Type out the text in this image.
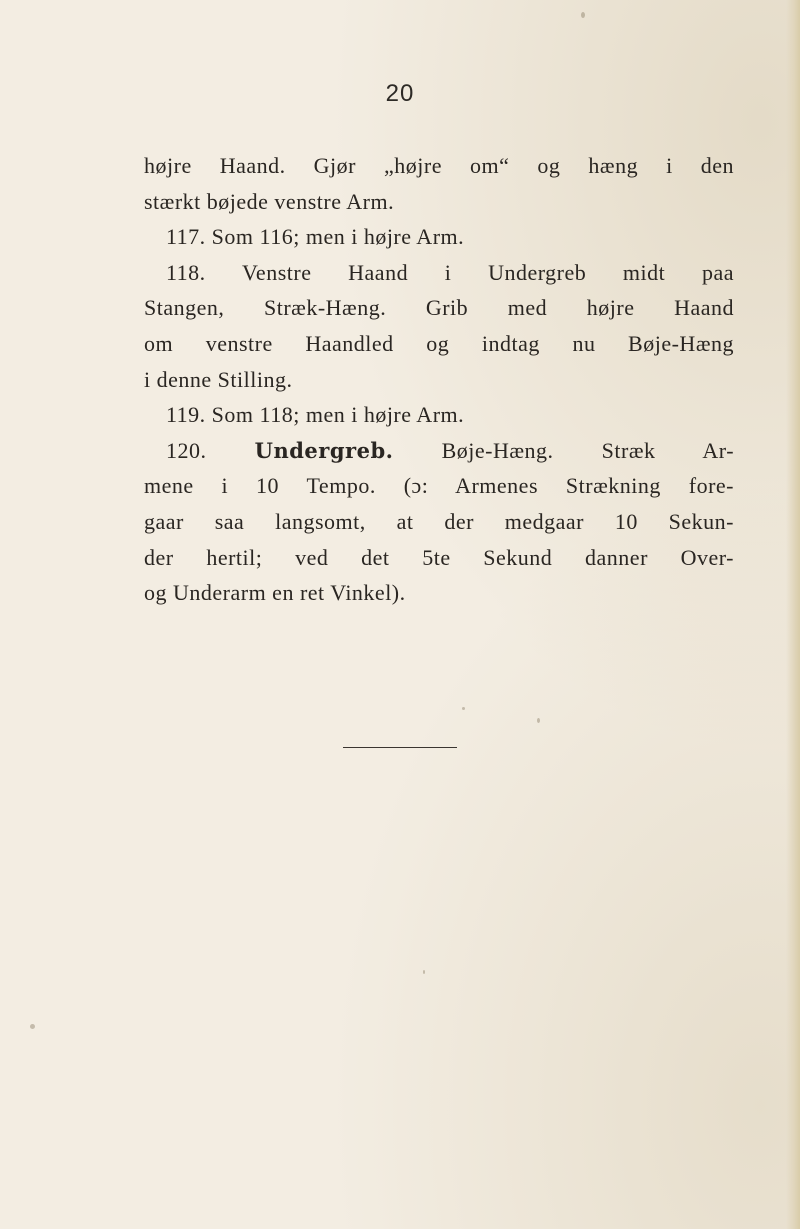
20
højre Haand. Gjør „højre om“ og hæng i den
stærkt bøjede venstre Arm.
117. Som 116; men i højre Arm.
118. Venstre Haand i Undergreb midt paa
Stangen, Stræk-Hæng. Grib med højre Haand
om venstre Haandled og indtag nu Bøje-Hæng
i denne Stilling.
119. Som 118; men i højre Arm.
120. Undergreb. Bøje-Hæng. Stræk Ar-
mene i 10 Tempo. (ɔ: Armenes Strækning fore-
gaar saa langsomt, at der medgaar 10 Sekun-
der hertil; ved det 5te Sekund danner Over-
og Underarm en ret Vinkel).
